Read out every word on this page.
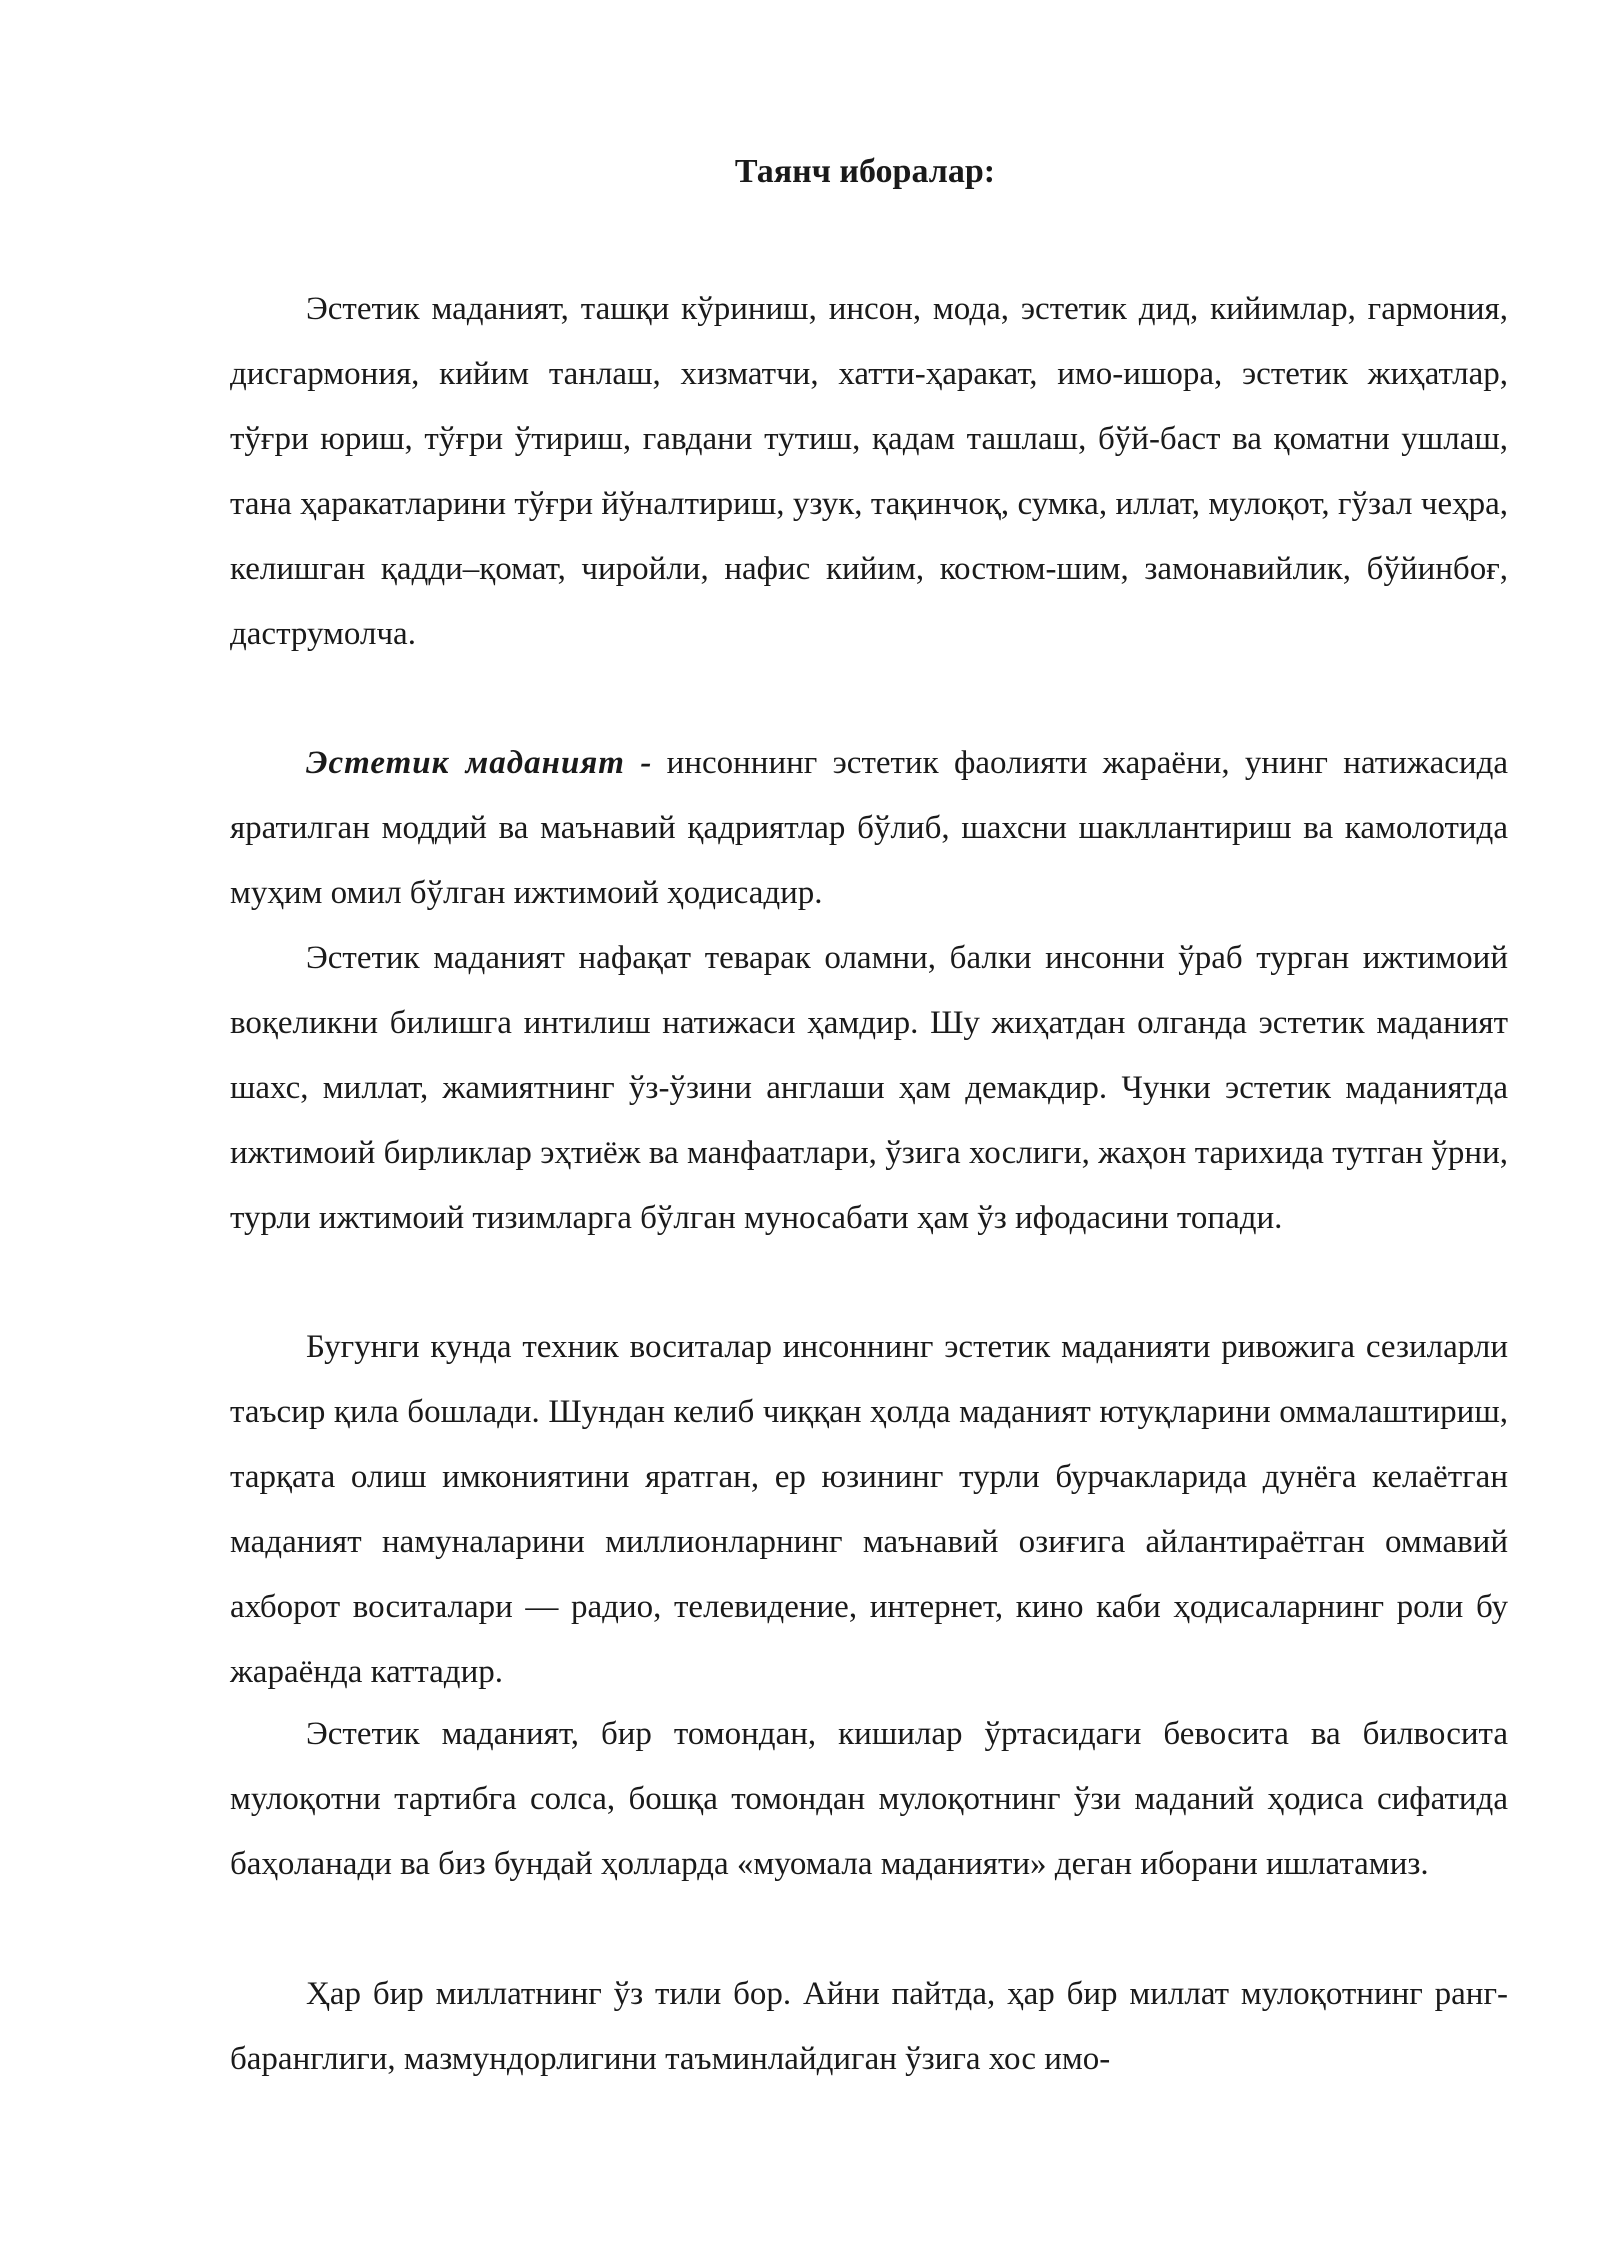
Таянч иборалар:

Эстетик маданият, ташқи кўриниш, инсон, мода, эстетик дид, кийимлар, гармония, дисгармония, кийим танлаш, хизматчи, хатти-ҳаракат, имо-ишора, эстетик жиҳатлар, тўғри юриш, тўғри ўтириш, гавдани тутиш, қадам ташлаш, бўй-баст ва қоматни ушлаш, тана ҳаракатларини тўғри йўналтириш, узук, тақинчоқ, сумка, иллат, мулоқот, гўзал чеҳра, келишган қадди–қомат, чиройли, нафис кийим, костюм-шим, замонавийлик, бўйинбоғ, даструмолча.

Эстетик маданият - инсоннинг эстетик фаолияти жараёни, унинг натижасида яратилган моддий ва маънавий қадриятлар бўлиб, шахсни шакллантириш ва камолотида муҳим омил бўлган ижтимоий ҳодисадир.

Эстетик маданият нафақат теварак оламни, балки инсонни ўраб турган ижтимоий воқеликни билишга интилиш натижаси ҳамдир. Шу жиҳатдан олганда эстетик маданият шахс, миллат, жамиятнинг ўз-ўзини англаши ҳам демакдир. Чунки эстетик маданиятда ижтимоий бирликлар эҳтиёж ва манфаатлари, ўзига хослиги, жаҳон тарихида тутган ўрни, турли ижтимоий тизимларга бўлган муносабати ҳам ўз ифодасини топади.

Бугунги кунда техник воситалар инсоннинг эстетик маданияти ривожига сезиларли таъсир қила бошлади. Шундан келиб чиққан ҳолда маданият ютуқларини оммалаштириш, тарқата олиш имкониятини яратган, ер юзининг турли бурчакларида дунёга келаётган маданият намуналарини миллионларнинг маънавий озиғига айлантираётган оммавий ахборот воситалари — радио, телевидение, интернет, кино каби ҳодисаларнинг роли бу жараёнда каттадир.

Эстетик маданият, бир томондан, кишилар ўртасидаги бевосита ва билвосита мулоқотни тартибга солса, бошқа томондан мулоқотнинг ўзи маданий ҳодиса сифатида баҳоланади ва биз бундай ҳолларда «муомала маданияти» деган иборани ишлатамиз.

Ҳар бир миллатнинг ўз тили бор. Айни пайтда, ҳар бир миллат мулоқотнинг ранг-баранглиги, мазмундорлигини таъминлайдиган ўзига хос имо-
